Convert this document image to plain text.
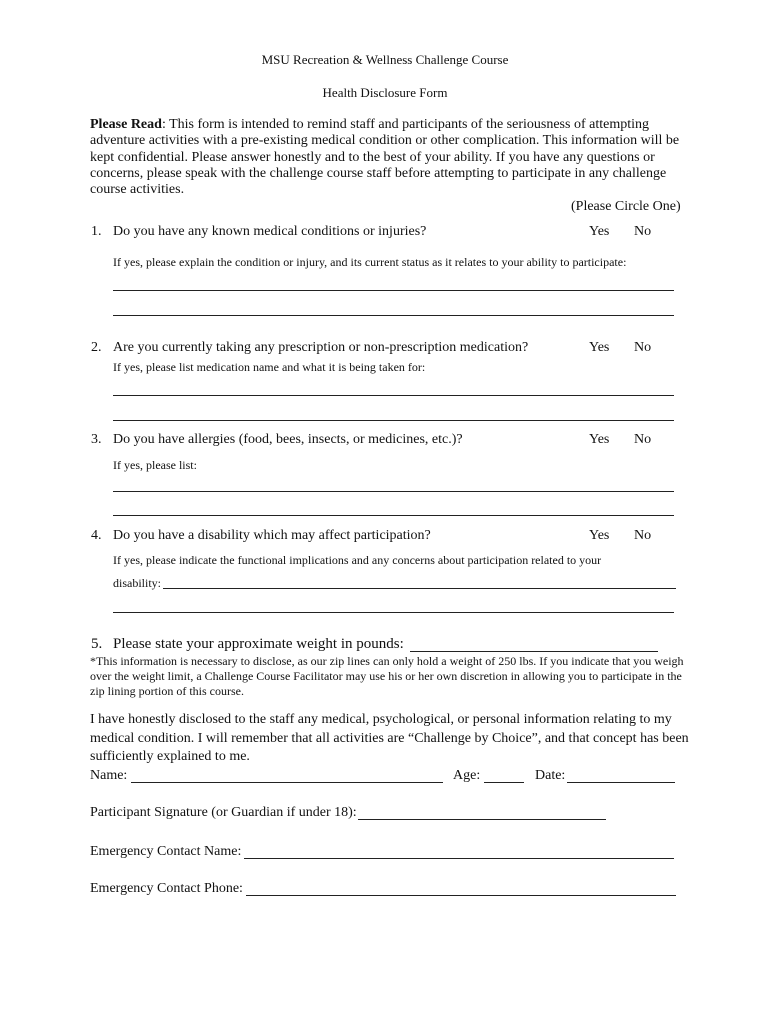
MSU Recreation & Wellness Challenge Course
Health Disclosure Form
Please Read: This form is intended to remind staff and participants of the seriousness of attempting adventure activities with a pre-existing medical condition or other complication. This information will be kept confidential. Please answer honestly and to the best of your ability. If you have any questions or concerns, please speak with the challenge course staff before attempting to participate in any challenge course activities.
(Please Circle One)
1. Do you have any known medical conditions or injuries?	Yes No
If yes, please explain the condition or injury, and its current status as it relates to your ability to participate:
2. Are you currently taking any prescription or non-prescription medication?	Yes No
If yes, please list medication name and what it is being taken for:
3. Do you have allergies (food, bees, insects, or medicines, etc.)?	Yes No
If yes, please list:
4. Do you have a disability which may affect participation?	Yes No
If yes, please indicate the functional implications and any concerns about participation related to your
disability:
5. Please state your approximate weight in pounds:
*This information is necessary to disclose, as our zip lines can only hold a weight of 250 lbs. If you indicate that you weigh over the weight limit, a Challenge Course Facilitator may use his or her own discretion in allowing you to participate in the zip lining portion of this course.
I have honestly disclosed to the staff any medical, psychological, or personal information relating to my medical condition. I will remember that all activities are “Challenge by Choice”, and that concept has been sufficiently explained to me.
Name:	Age:	Date:
Participant Signature (or Guardian if under 18):
Emergency Contact Name:
Emergency Contact Phone:
